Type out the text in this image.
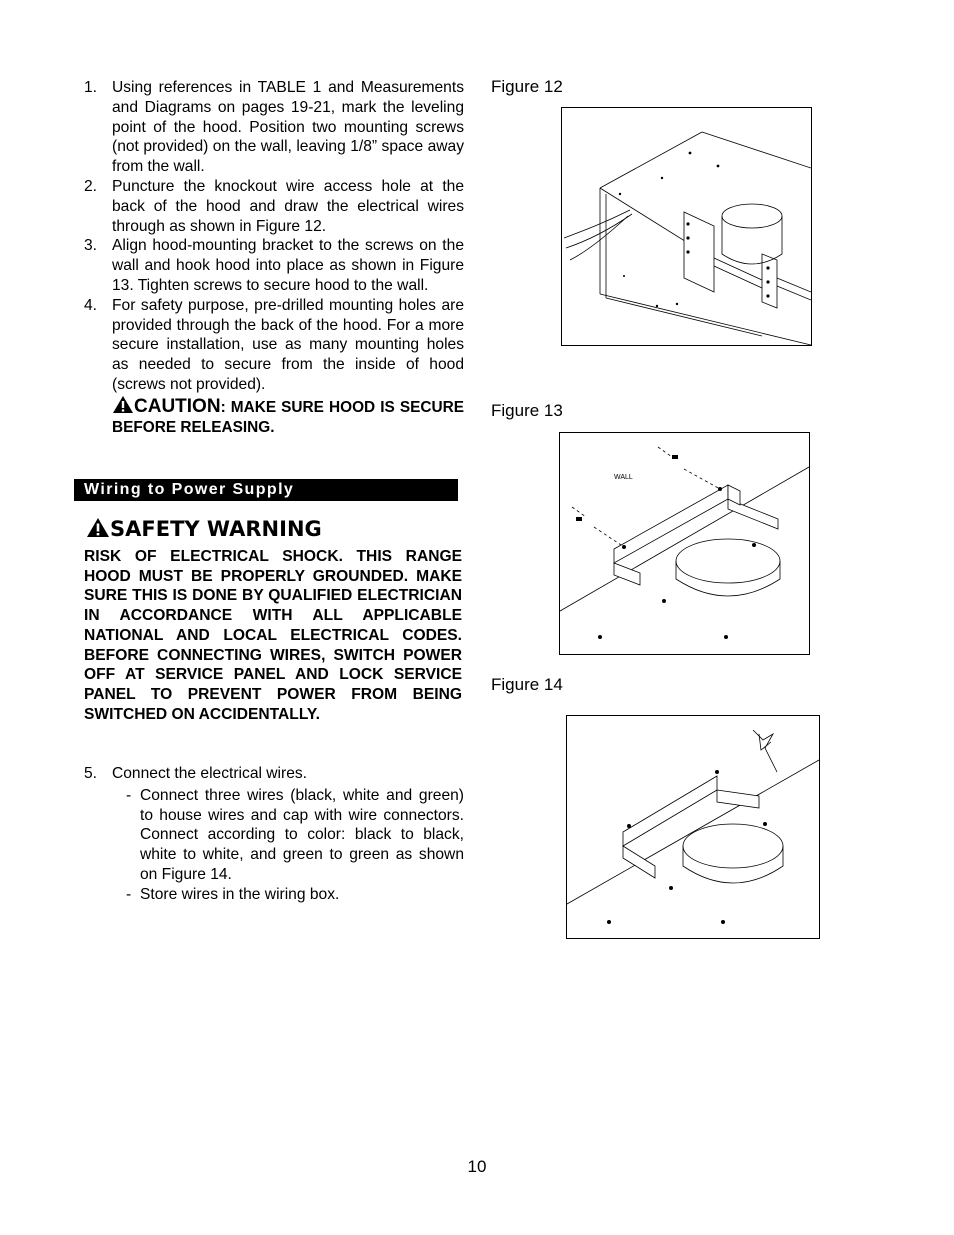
1. Using references in TABLE 1 and Measurements and Diagrams on pages 19-21, mark the leveling point of the hood. Position two mounting screws (not provided) on the wall, leaving 1/8” space away from the wall.
2. Puncture the knockout wire access hole at the back of the hood and draw the electrical wires through as shown in Figure 12.
3. Align hood-mounting bracket to the screws on the wall and hook hood into place as shown in Figure 13. Tighten screws to secure hood to the wall.
4. For safety purpose, pre-drilled mounting holes are provided through the back of the hood. For a more secure installation, use as many mounting holes as needed to secure from the inside of hood (screws not provided).
CAUTION: MAKE SURE HOOD IS SECURE BEFORE RELEASING.
Wiring to Power Supply
SAFETY WARNING
RISK OF ELECTRICAL SHOCK. THIS RANGE HOOD MUST BE PROPERLY GROUNDED. MAKE SURE THIS IS DONE BY QUALIFIED ELECTRICIAN IN ACCORDANCE WITH ALL APPLICABLE NATIONAL AND LOCAL ELECTRICAL CODES. BEFORE CONNECTING WIRES, SWITCH POWER OFF AT SERVICE PANEL AND LOCK SERVICE PANEL TO PREVENT POWER FROM BEING SWITCHED ON ACCIDENTALLY.
5. Connect the electrical wires.
- Connect three wires (black, white and green) to house wires and cap with wire connectors. Connect according to color: black to black, white to white, and green to green as shown on Figure 14.
- Store wires in the wiring box.
Figure 12
Figure 13
WALL
Figure 14
10
